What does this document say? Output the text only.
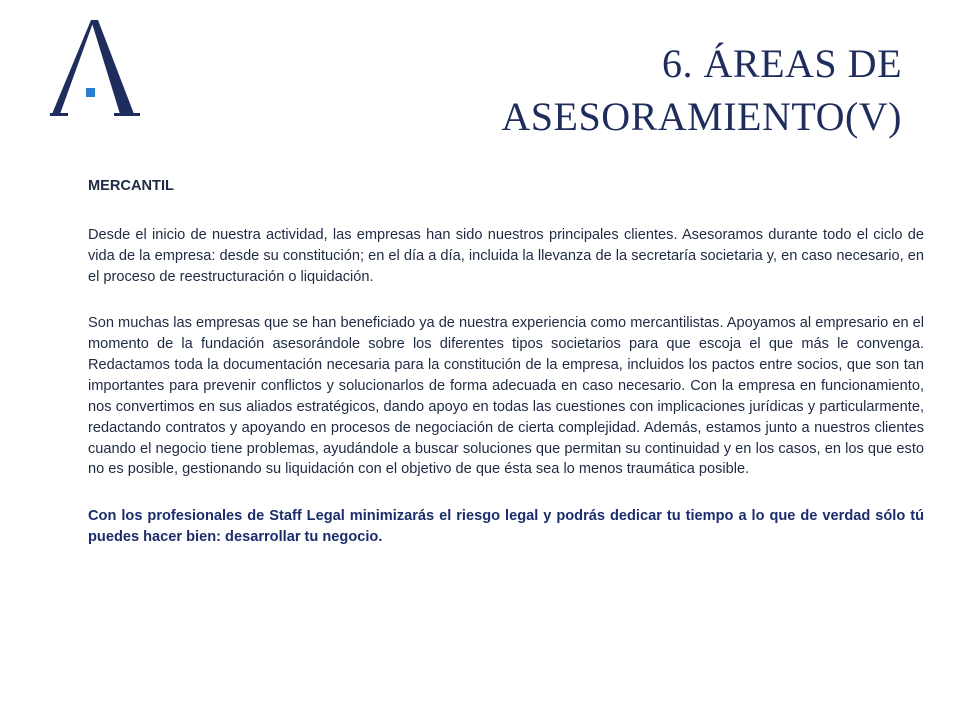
6. ÁREAS DE
ASESORAMIENTO(V)

MERCANTIL

Desde el inicio de nuestra actividad, las empresas han sido nuestros principales clientes. Asesoramos durante todo el ciclo de vida de la empresa: desde su constitución; en el día a día, incluida la llevanza de la secretaría societaria y, en caso necesario, en el proceso de reestructuración o liquidación.

Son muchas las empresas que se han beneficiado ya de nuestra experiencia como mercantilistas. Apoyamos al empresario en el momento de la fundación asesorándole sobre los diferentes tipos societarios para que escoja el que más le convenga. Redactamos toda la documentación necesaria para la constitución de la empresa, incluidos los pactos entre socios, que son tan importantes para prevenir conflictos y solucionarlos de forma adecuada en caso necesario. Con la empresa en funcionamiento, nos convertimos en sus aliados estratégicos, dando apoyo en todas las cuestiones con implicaciones jurídicas y particularmente, redactando contratos y apoyando en procesos de negociación de cierta complejidad. Además, estamos junto a nuestros clientes cuando el negocio tiene problemas, ayudándole a buscar soluciones que permitan su continuidad y en los casos, en los que esto no es posible, gestionando su liquidación con el objetivo de que ésta sea lo menos traumática posible.

Con los profesionales de Staff Legal minimizarás el riesgo legal y podrás dedicar tu tiempo a lo que de verdad sólo tú puedes hacer bien: desarrollar tu negocio.
